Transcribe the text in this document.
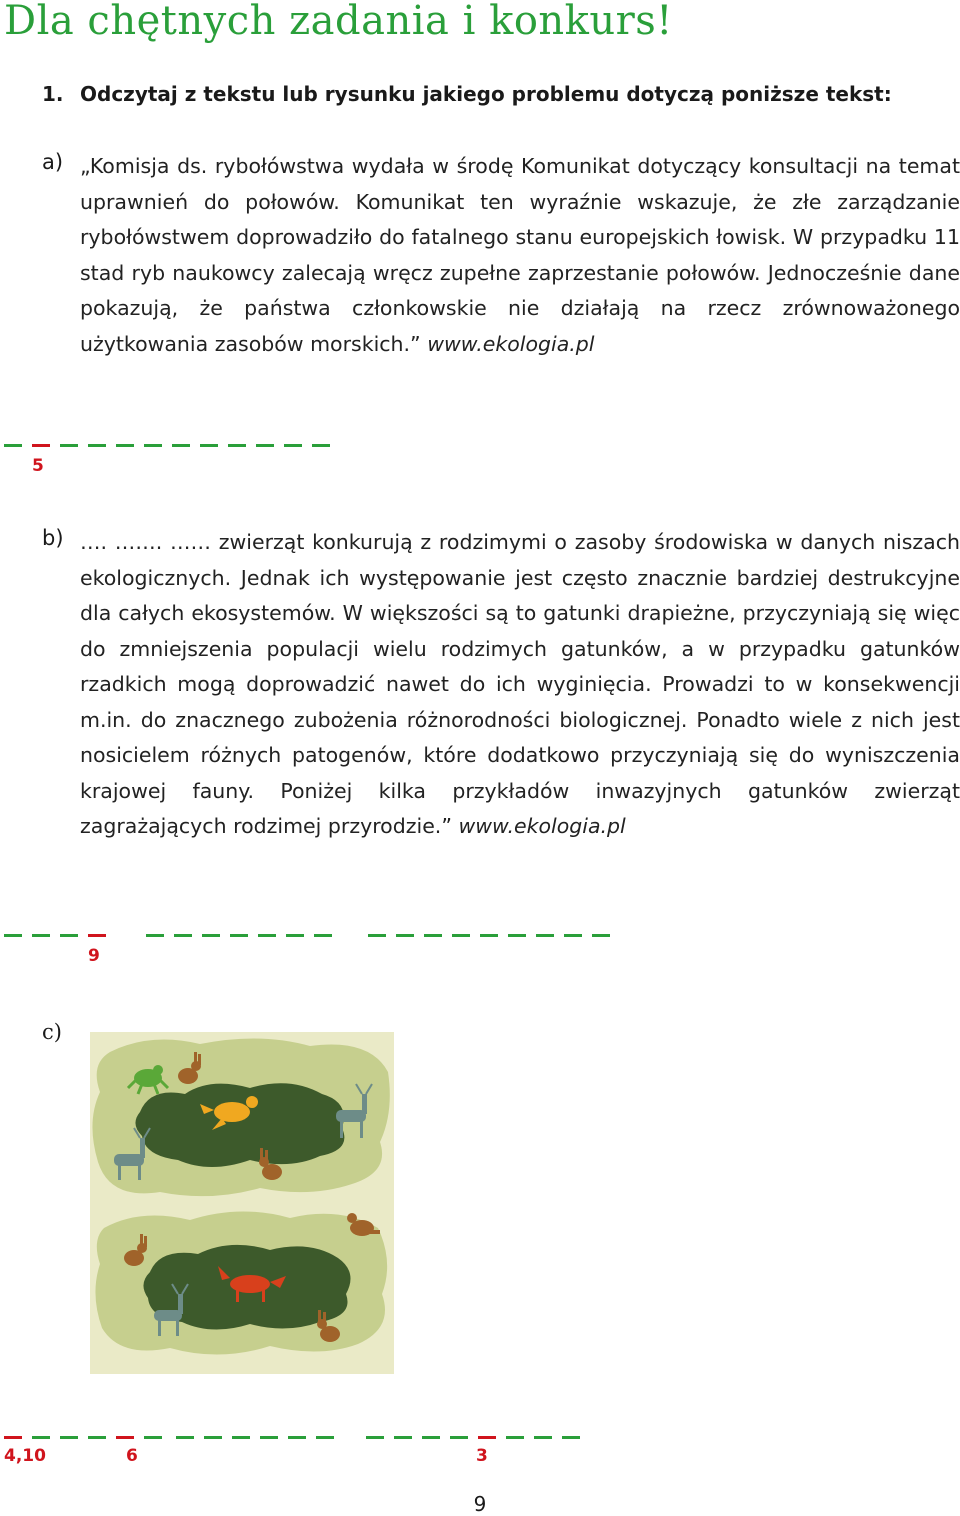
Dla chętnych zadania i konkurs!
1. Odczytaj z tekstu lub rysunku jakiego problemu dotyczą poniższe tekst:
a) „Komisja ds. rybołówstwa wydała w środę Komunikat dotyczący konsultacji na temat uprawnień do połowów. Komunikat ten wyraźnie wskazuje, że złe zarządzanie rybołówstwem doprowadziło do fatalnego stanu europejskich łowisk. W przypadku 11 stad ryb naukowcy zalecają wręcz zupełne zaprzestanie połowów. Jednocześnie dane pokazują, że państwa członkowskie nie działają na rzecz zrównoważonego użytkowania zasobów morskich.” www.ekologia.pl
5
b) …. ……. …… zwierząt konkurują z rodzimymi o zasoby środowiska w danych niszach ekologicznych. Jednak ich występowanie jest często znacznie bardziej destrukcyjne dla całych ekosystemów. W większości są to gatunki drapieżne, przyczyniają się więc do zmniejszenia populacji wielu rodzimych gatunków, a w przypadku gatunków rzadkich mogą doprowadzić nawet do ich wyginięcia. Prowadzi to w konsekwencji m.in. do znacznego zubożenia różnorodności biologicznej. Ponadto wiele z nich jest nosicielem różnych patogenów, które dodatkowo przyczyniają się do wyniszczenia krajowej fauny. Poniżej kilka przykładów inwazyjnych gatunków zwierząt zagrażających rodzimej przyrodzie.” www.ekologia.pl
9
c)
4,10	6	3
9
